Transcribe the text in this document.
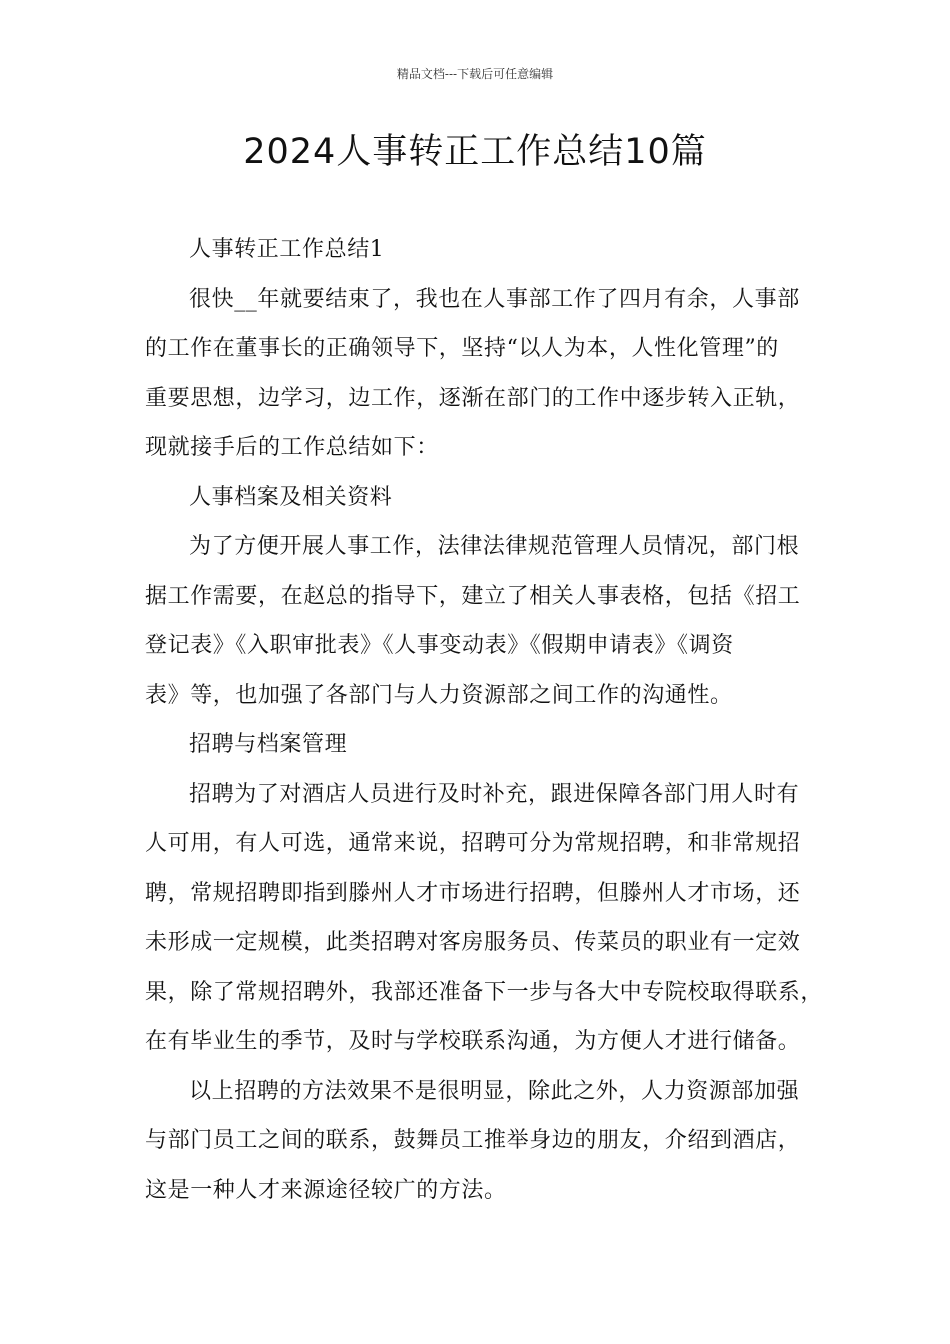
精品文档---下载后可任意编辑
2024人事转正工作总结10篇

人事转正工作总结1

很快__年就要结束了，我也在人事部工作了四月有余，人事部
的工作在董事长的正确领导下，坚持“以人为本，人性化管理”的
重要思想，边学习，边工作，逐渐在部门的工作中逐步转入正轨，
现就接手后的工作总结如下：

人事档案及相关资料

为了方便开展人事工作，法律法律规范管理人员情况，部门根
据工作需要，在赵总的指导下，建立了相关人事表格，包括《招工
登记表》《入职审批表》《人事变动表》《假期申请表》《调资
表》等，也加强了各部门与人力资源部之间工作的沟通性。

招聘与档案管理

招聘为了对酒店人员进行及时补充，跟进保障各部门用人时有
人可用，有人可选，通常来说，招聘可分为常规招聘，和非常规招
聘，常规招聘即指到滕州人才市场进行招聘，但滕州人才市场，还
未形成一定规模，此类招聘对客房服务员、传菜员的职业有一定效
果，除了常规招聘外，我部还准备下一步与各大中专院校取得联系，
在有毕业生的季节，及时与学校联系沟通，为方便人才进行储备。

以上招聘的方法效果不是很明显，除此之外，人力资源部加强
与部门员工之间的联系，鼓舞员工推举身边的朋友，介绍到酒店，
这是一种人才来源途径较广的方法。
